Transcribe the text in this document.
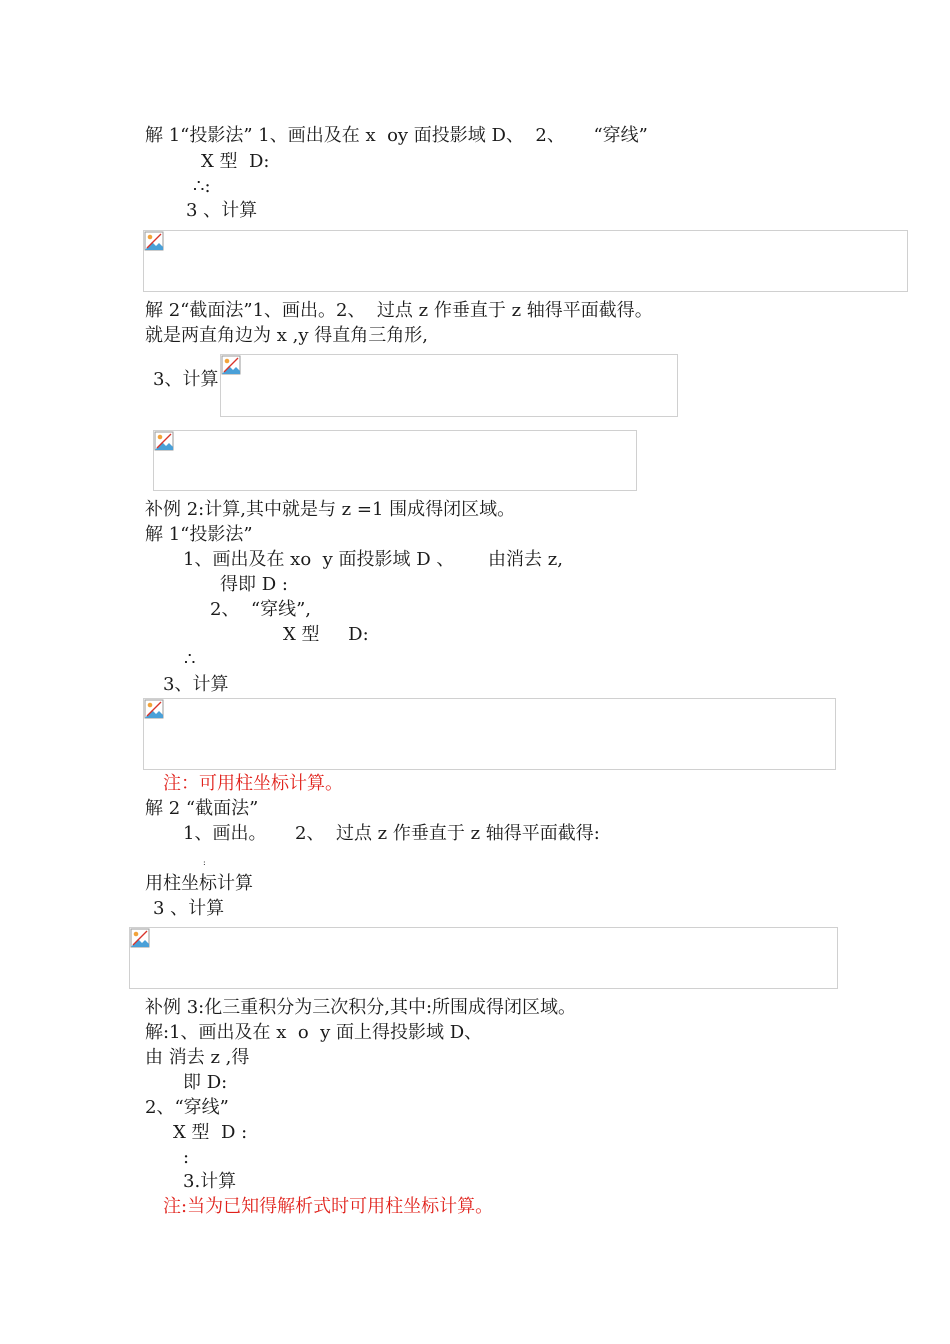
解 1“投影法” 1、画出及在 x  oy 面投影域 D、  2、     “穿线”
X 型  D:
∴:
3 、计算
解 2“截面法”1、画出。2、  过点 z 作垂直于 z 轴得平面截得。
就是两直角边为 x ,y 得直角三角形,
3、计算
补例 2:计算,其中就是与 z =1 围成得闭区域。
解 1“投影法”
1、画出及在 xo  y 面投影域 D 、 由消去 z,
得即 D :
2、  “穿线”,
X 型     D:
∴
3、计算
注：可用柱坐标计算。
解 2 “截面法”
1、画出。     2、  过点 z 作垂直于 z 轴得平面截得:
:
用柱坐标计算
3 、计算
补例 3:化三重积分为三次积分,其中:所围成得闭区域。
解:1、画出及在 x  o  y 面上得投影域 D、
由 消去 z ,得
即 D:
2、“穿线”
X 型  D :
:
3.计算
注:当为已知得解析式时可用柱坐标计算。
